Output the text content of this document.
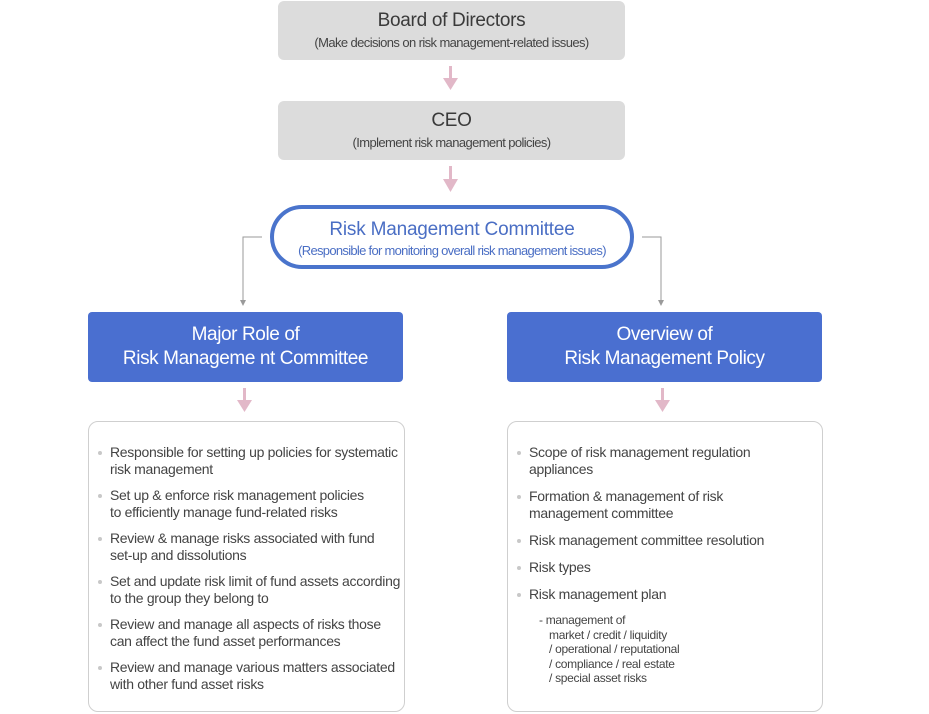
Board of Directors
(Make decisions on risk management-related issues)
CEO
(Implement risk management policies)
Risk Management Committee
(Responsible for monitoring overall risk management issues)
Major Role of
Risk Manageme nt Committee
Overview of
Risk Management Policy
Responsible for setting up policies for systematic
risk management
Set up & enforce risk management policies
to efficiently manage fund-related risks
Review & manage risks associated with fund
set-up and dissolutions
Set and update risk limit of fund assets according
to the group they belong to
Review and manage all aspects of risks those
can affect the fund asset performances
Review and manage various matters associated
with other fund asset risks
Scope of risk management regulation
appliances
Formation & management of risk
management committee
Risk management committee resolution
Risk types
Risk management plan
- management of
market / credit / liquidity
/ operational / reputational
/ compliance / real estate
/ special asset risks
